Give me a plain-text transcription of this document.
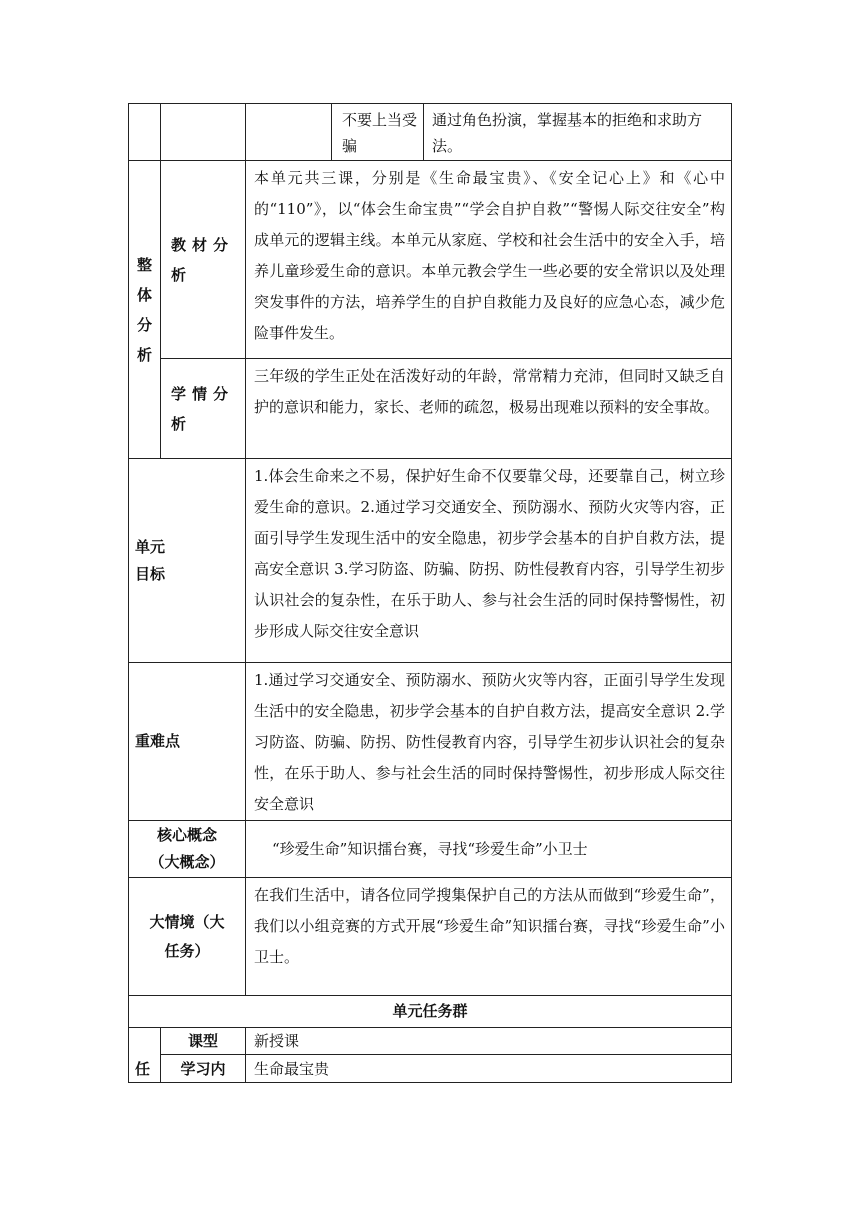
			不要上当受骗	通过角色扮演，掌握基本的拒绝和求助方法。
整体分析	教材分析	本单元共三课，分别是《生命最宝贵》、《安全记心上》和《心中的“110”》，以“体会生命宝贵”“学会自护自救”“警惕人际交往安全”构成单元的逻辑主线。本单元从家庭、学校和社会生活中的安全入手，培养儿童珍爱生命的意识。本单元教会学生一些必要的安全常识以及处理突发事件的方法，培养学生的自护自救能力及良好的应急心态，减少危险事件发生。		
	学情分析	三年级的学生正处在活泼好动的年龄，常常精力充沛，但同时又缺乏自护的意识和能力，家长、老师的疏忽，极易出现难以预料的安全事故。		
单元目标		1.体会生命来之不易，保护好生命不仅要靠父母，还要靠自己，树立珍爱生命的意识。2.通过学习交通安全、预防溺水、预防火灾等内容，正面引导学生发现生活中的安全隐患，初步学会基本的自护自救方法，提高安全意识 3.学习防盗、防骗、防拐、防性侵教育内容，引导学生初步认识社会的复杂性，在乐于助人、参与社会生活的同时保持警惕性，初步形成人际交往安全意识		
重难点		1.通过学习交通安全、预防溺水、预防火灾等内容，正面引导学生发现生活中的安全隐患，初步学会基本的自护自救方法，提高安全意识 2.学习防盗、防骗、防拐、防性侵教育内容，引导学生初步认识社会的复杂性，在乐于助人、参与社会生活的同时保持警惕性，初步形成人际交往安全意识		
核心概念（大概念）		“珍爱生命”知识擂台赛，寻找“珍爱生命”小卫士		
大情境（大任务）		在我们生活中，请各位同学搜集保护自己的方法从而做到“珍爱生命”，我们以小组竞赛的方式开展“珍爱生命”知识擂台赛，寻找“珍爱生命”小卫士。		
单元任务群				
任	课型	新授课		
	学习内	生命最宝贵		
